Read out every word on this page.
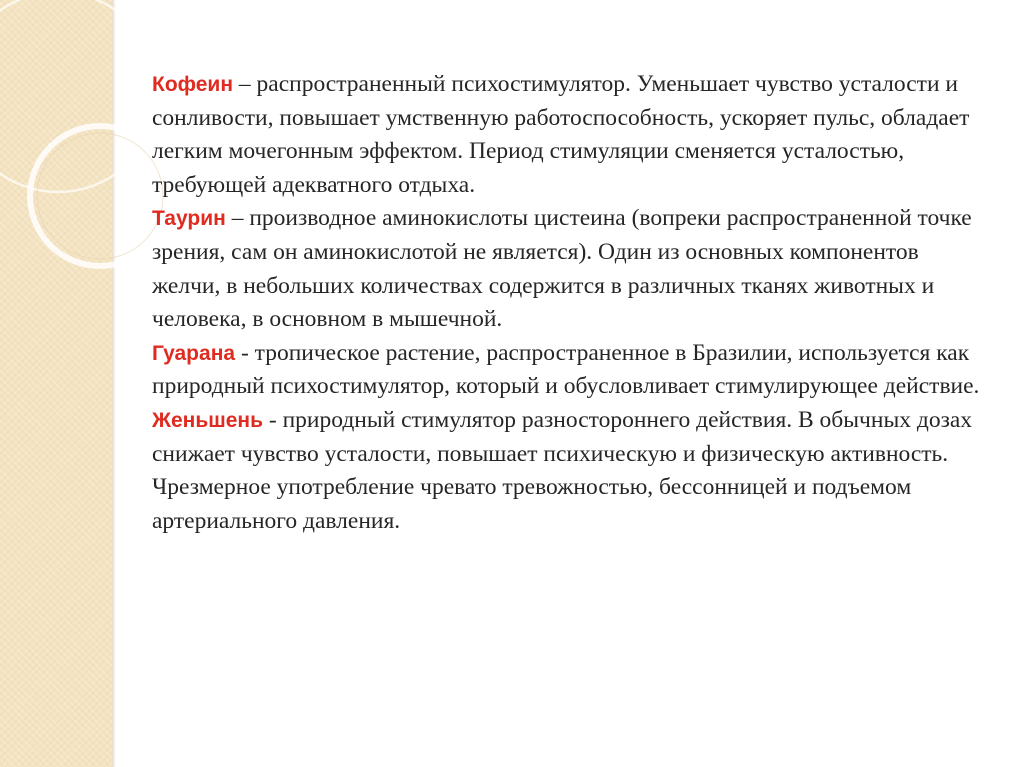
Кофеин – распространенный психостимулятор. Уменьшает чувство усталости и сонливости, повышает умственную работоспособность, ускоряет пульс, обладает легким мочегонным эффектом. Период стимуляции сменяется усталостью, требующей адекватного отдыха.

Таурин – производное аминокислоты цистеина (вопреки распространенной точке зрения, сам он аминокислотой не является). Один из основных компонентов желчи, в небольших количествах содержится в различных тканях животных и человека, в основном в мышечной.

Гуарана - тропическое растение, распространенное в Бразилии, используется как природный психостимулятор, который и обусловливает стимулирующее действие.

Женьшень - природный стимулятор разностороннего действия. В обычных дозах снижает чувство усталости, повышает психическую и физическую активность. Чрезмерное употребление чревато тревожностью, бессонницей и подъемом артериального давления.
